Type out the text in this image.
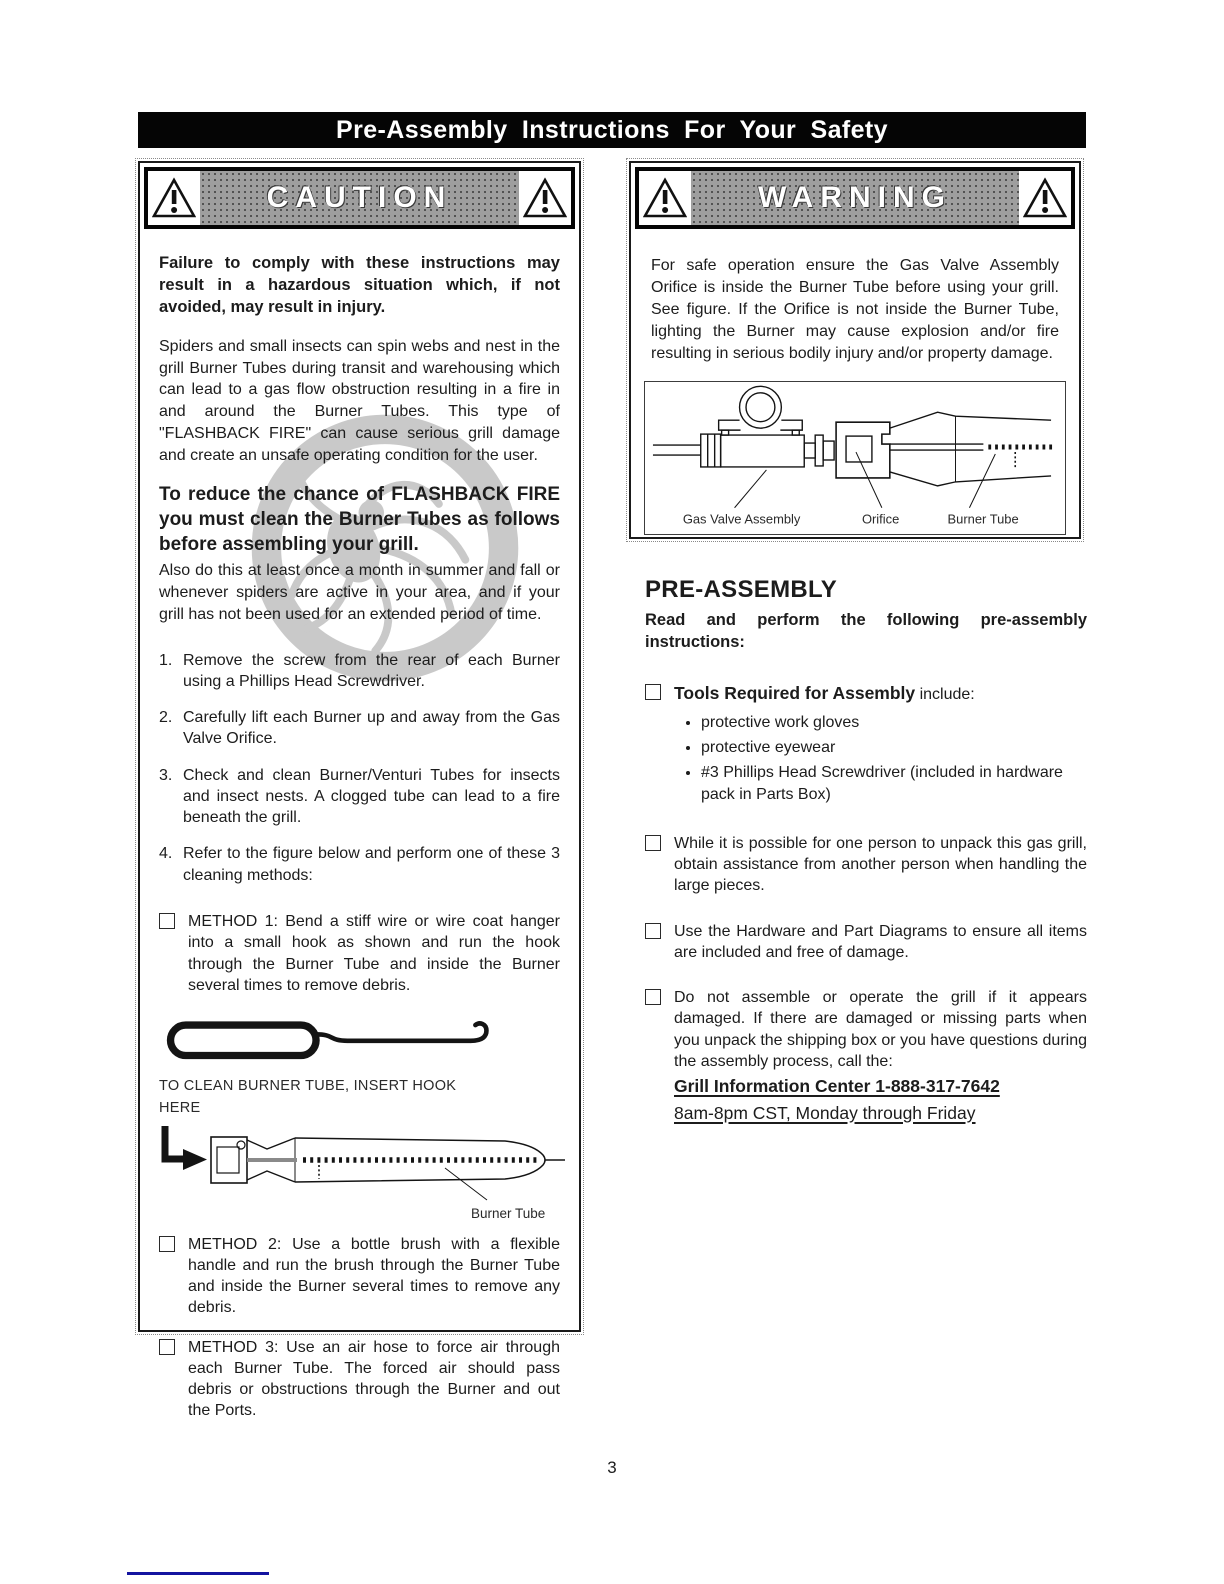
Pre-Assembly Instructions For Your Safety
CAUTION

Failure to comply with these instructions may result in a hazardous situation which, if not avoided, may result in injury.

Spiders and small insects can spin webs and nest in the grill Burner Tubes during transit and warehousing which can lead to a gas flow obstruction resulting in a fire in and around the Burner Tubes. This type of "FLASHBACK FIRE" can cause serious grill damage and create an unsafe operating condition for the user.

To reduce the chance of FLASHBACK FIRE you must clean the Burner Tubes as follows before assembling your grill.

Also do this at least once a month in summer and fall or whenever spiders are active in your area, and if your grill has not been used for an extended period of time.

1. Remove the screw from the rear of each Burner using a Phillips Head Screwdriver.
2. Carefully lift each Burner up and away from the Gas Valve Orifice.
3. Check and clean Burner/Venturi Tubes for insects and insect nests. A clogged tube can lead to a fire beneath the grill.
4. Refer to the figure below and perform one of these 3 cleaning methods:
METHOD 1: Bend a stiff wire or wire coat hanger into a small hook as shown and run the hook through the Burner Tube and inside the Burner several times to remove debris.

TO CLEAN BURNER TUBE, INSERT HOOK HERE

Burner Tube
METHOD 2: Use a bottle brush with a flexible handle and run the brush through the Burner Tube and inside the Burner several times to remove any debris.
METHOD 3: Use an air hose to force air through each Burner Tube. The forced air should pass debris or obstructions through the Burner and out the Ports.
WARNING
For safe operation ensure the Gas Valve Assembly Orifice is inside the Burner Tube before using your grill. See figure. If the Orifice is not inside the Burner Tube, lighting the Burner may cause explosion and/or fire resulting in serious bodily injury and/or property damage.
Gas Valve Assembly	Orifice	Burner Tube
PRE-ASSEMBLY

Read and perform the following pre-assembly instructions:

Tools Required for Assembly include:
• protective work gloves
• protective eyewear
• #3 Phillips Head Screwdriver (included in hardware pack in Parts Box)
While it is possible for one person to unpack this gas grill, obtain assistance from another person when handling the large pieces.
Use the Hardware and Part Diagrams to ensure all items are included and free of damage.
Do not assemble or operate the grill if it appears damaged. If there are damaged or missing parts when you unpack the shipping box or you have questions during the assembly process, call the:
Grill Information Center 1-888-317-7642
8am-8pm CST, Monday through Friday
3
